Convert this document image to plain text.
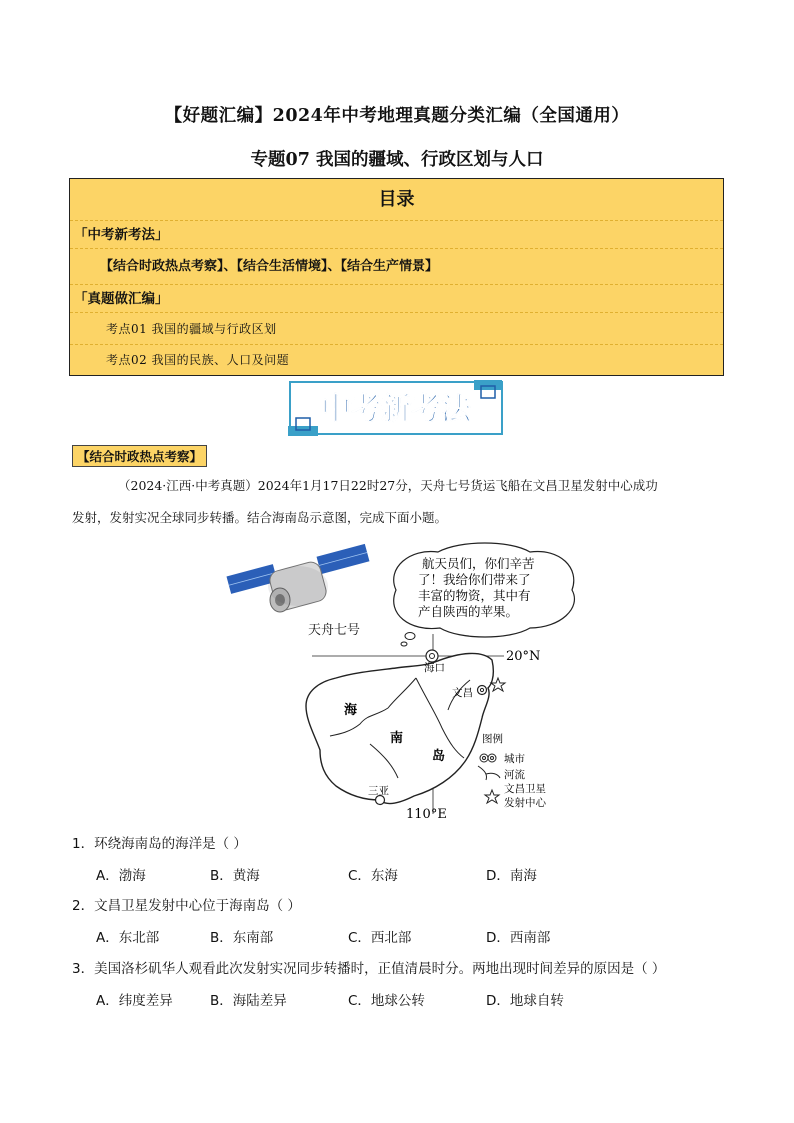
【好题汇编】2024年中考地理真题分类汇编（全国通用）
专题07 我国的疆域、行政区划与人口
目录
「中考新考法」
【结合时政热点考察】、【结合生活情境】、【结合生产情景】
「真题做汇编」
考点01 我国的疆域与行政区划
考点02 我国的民族、人口及问题
中考新考法
【结合时政热点考察】
（2024·江西·中考真题）2024年1月17日22时27分，天舟七号货运飞船在文昌卫星发射中心成功
发射，发射实况全球同步转播。结合海南岛示意图，完成下面小题。
天舟七号
航天员们，你们辛苦
了！我给你们带来了
丰富的物资，其中有
产自陕西的苹果。
20°N
110°E
海
南
岛
海口
文昌
三亚
图例
城市
河流
文昌卫星
发射中心
1．环绕海南岛的海洋是（ ）
A．渤海	B．黄海	C．东海	D．南海
2．文昌卫星发射中心位于海南岛（ ）
A．东北部	B．东南部	C．西北部	D．西南部
3．美国洛杉矶华人观看此次发射实况同步转播时，正值清晨时分。两地出现时间差异的原因是（ ）
A．纬度差异	B．海陆差异	C．地球公转	D．地球自转
